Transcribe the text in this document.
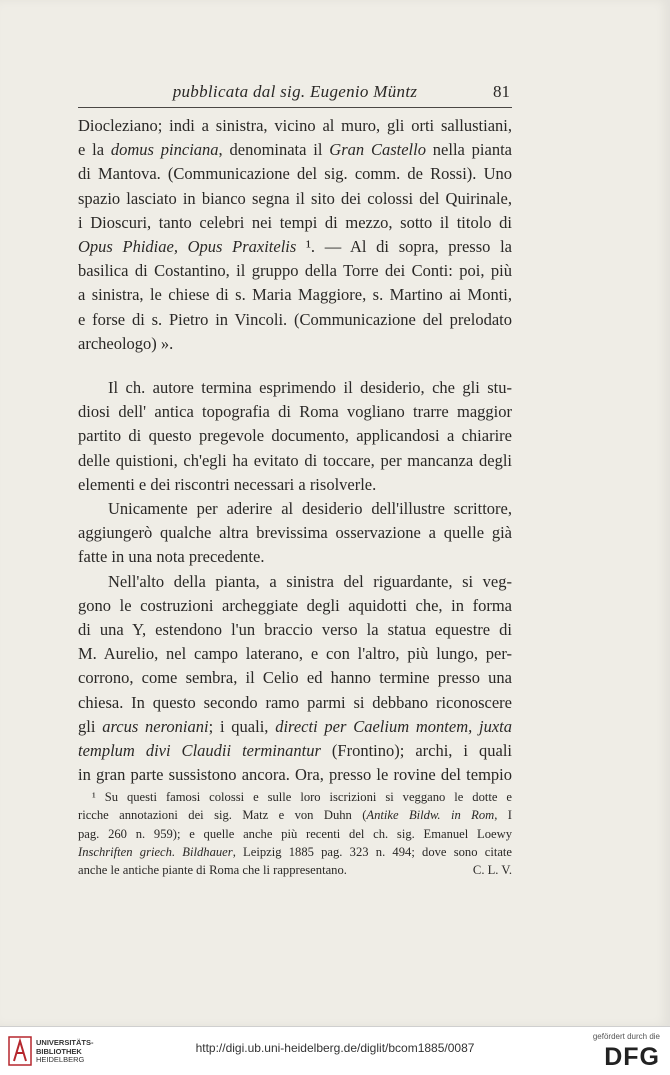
pubblicata dal sig. Eugenio Müntz	81

Diocleziano; indi a sinistra, vicino al muro, gli orti sallustiani,

e la domus pinciana, denominata il Gran Castello nella pianta

di Mantova. (Communicazione del sig. comm. de Rossi). Uno

spazio lasciato in bianco segna il sito dei colossi del Quirinale,

i Dioscuri, tanto celebri nei tempi di mezzo, sotto il titolo di

Opus Phidiae, Opus Praxitelis ¹. — Al di sopra, presso la

basilica di Costantino, il gruppo della Torre dei Conti: poi, più

a sinistra, le chiese di s. Maria Maggiore, s. Martino ai Monti,

e forse di s. Pietro in Vincoli. (Communicazione del prelodato

archeologo) ».

Il ch. autore termina esprimendo il desiderio, che gli stu-

diosi dell' antica topografia di Roma vogliano trarre maggior

partito di questo pregevole documento, applicandosi a chiarire

delle quistioni, ch'egli ha evitato di toccare, per mancanza degli

elementi e dei riscontri necessari a risolverle.

Unicamente per aderire al desiderio dell'illustre scrittore,

aggiungerò qualche altra brevissima osservazione a quelle già

fatte in una nota precedente.

Nell'alto della pianta, a sinistra del riguardante, si veg-

gono le costruzioni archeggiate degli aquidotti che, in forma

di una Y, estendono l'un braccio verso la statua equestre di

M. Aurelio, nel campo laterano, e con l'altro, più lungo, per-

corrono, come sembra, il Celio ed hanno termine presso una

chiesa. In questo secondo ramo parmi si debbano riconoscere

gli arcus neroniani; i quali, directi per Caelium montem, juxta

templum divi Claudii terminantur (Frontino); archi, i quali

in gran parte sussistono ancora. Ora, presso le rovine del tempio

¹ Su questi famosi colossi e sulle loro iscrizioni si veggano le dotte e

ricche annotazioni dei sig. Matz e von Duhn (Antike Bildw. in Rom, I

pag. 260 n. 959); e quelle anche più recenti del ch. sig. Emanuel Loewy

Inschriften griech. Bildhauer, Leipzig 1885 pag. 323 n. 494; dove sono citate

anche le antiche piante di Roma che li rappresentano.	C. L. V.

UNIVERSITÄTS-
BIBLIOTHEK
HEIDELBERG
http://digi.ub.uni-heidelberg.de/diglit/bcom1885/0087
gefördert durch die
DFG
